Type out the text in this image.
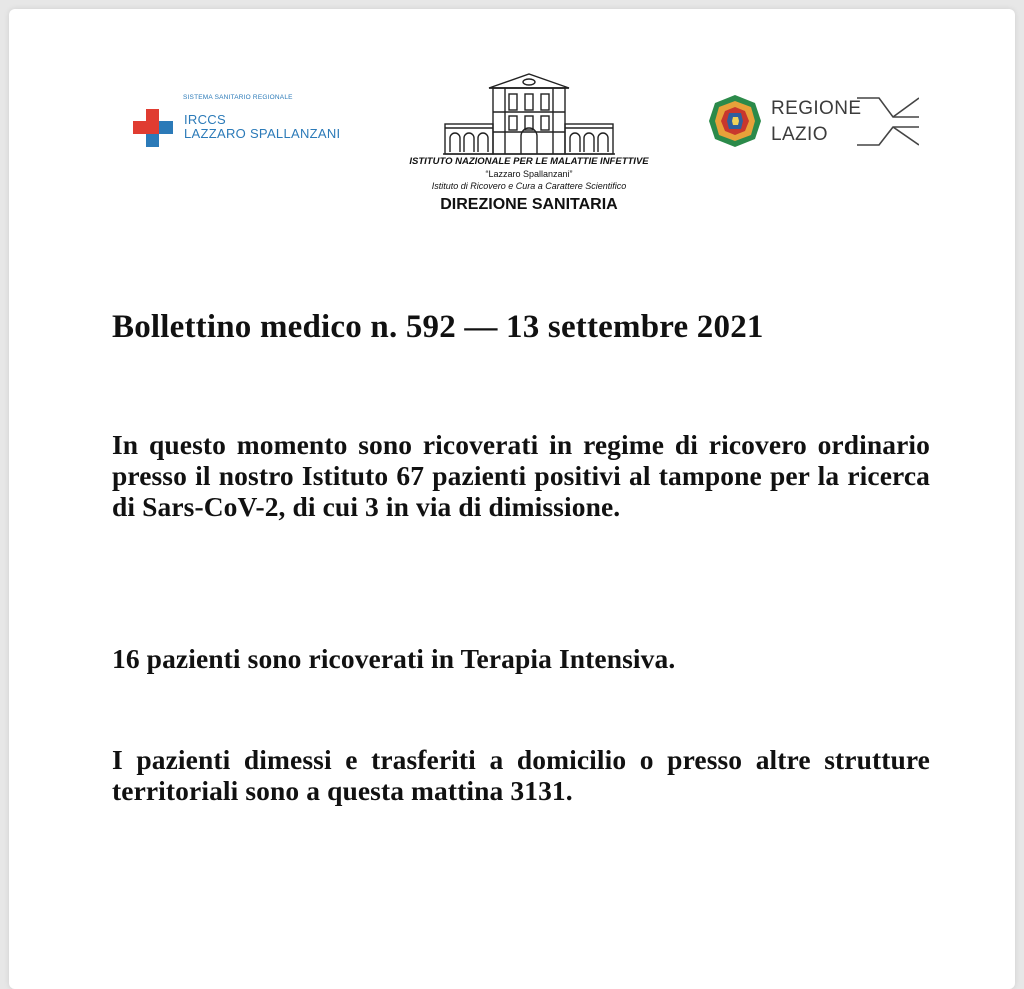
SISTEMA SANITARIO REGIONALE
IRCCS
LAZZARO SPALLANZANI
ISTITUTO NAZIONALE PER LE MALATTIE INFETTIVE
“Lazzaro Spallanzani”
Istituto di Ricovero e Cura a Carattere Scientifico
DIREZIONE SANITARIA
REGIONE
LAZIO
Bollettino medico n. 592 — 13 settembre 2021
In questo momento sono ricoverati in regime di ricovero ordinario presso il nostro Istituto 67 pazienti positivi al tampone per la ricerca di Sars-CoV-2, di cui 3 in via di dimissione.
16 pazienti sono ricoverati in Terapia Intensiva.
I pazienti dimessi e trasferiti a domicilio o presso altre strutture territoriali sono a questa mattina 3131.
